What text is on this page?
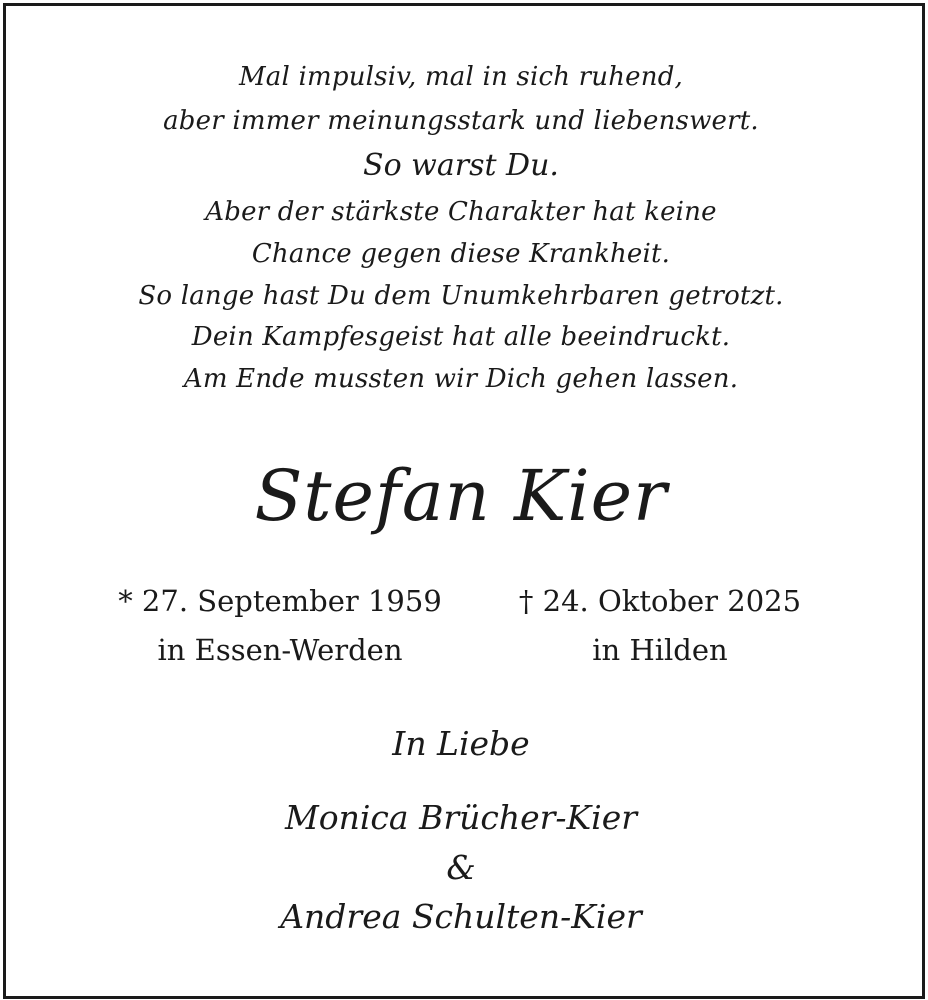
Mal impulsiv, mal in sich ruhend,
aber immer meinungsstark und liebenswert.
So warst Du.
Aber der stärkste Charakter hat keine
Chance gegen diese Krankheit.
So lange hast Du dem Unumkehrbaren getrotzt.
Dein Kampfesgeist hat alle beeindruckt.
Am Ende mussten wir Dich gehen lassen.
Stefan Kier
* 27. September 1959	† 24. Oktober 2025
in Essen-Werden	in Hilden
In Liebe
Monica Brücher-Kier
&
Andrea Schulten-Kier
